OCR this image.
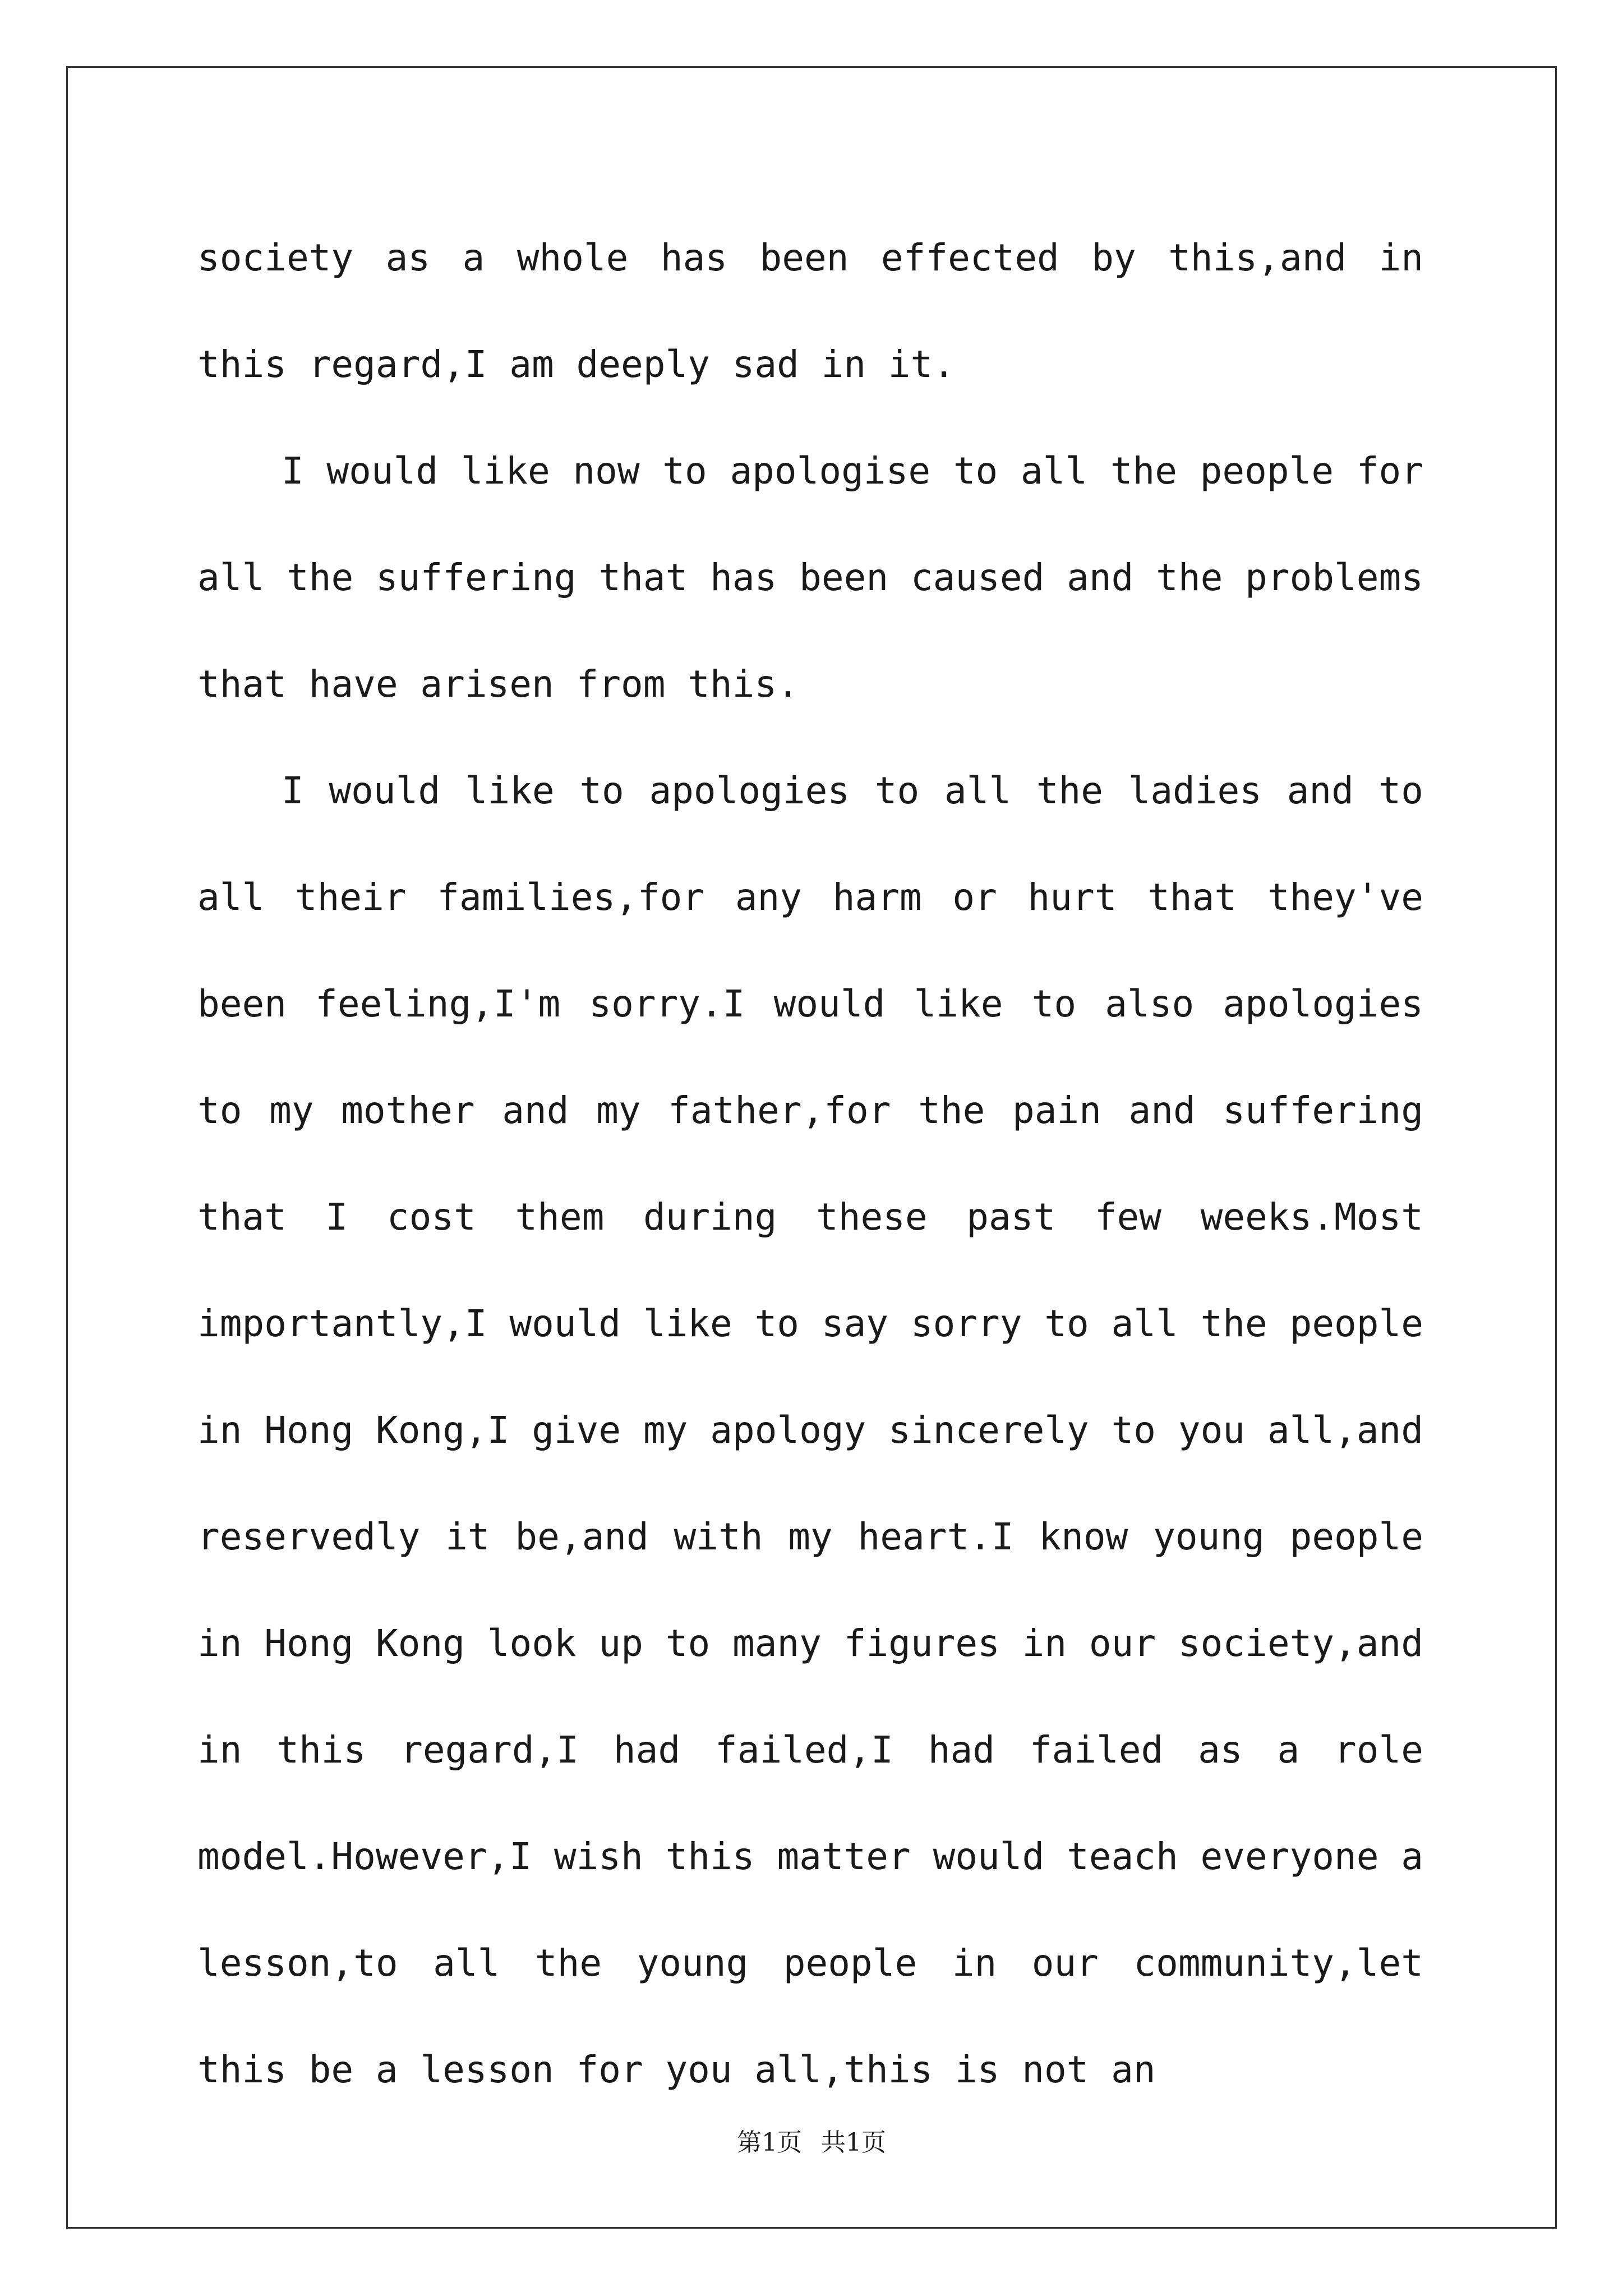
society as a whole has been effected by this,and in this regard,I am deeply sad in it.

I would like now to apologise to all the people for all the suffering that has been caused and the problems that have arisen from this.

I would like to apologies to all the ladies and to all their families,for any harm or hurt that they've been feeling,I'm sorry.I would like to also apologies to my mother and my father,for the pain and suffering that I cost them during these past few weeks.Most importantly,I would like to say sorry to all the people in Hong Kong,I give my apology sincerely to you all,and reservedly it be,and with my heart.I know young people in Hong Kong look up to many figures in our society,and in this regard,I had failed,I had failed as a role model.However,I wish this matter would teach everyone a lesson,to all the young people in our community,let this be a lesson for you all,this is not an

第1页 共1页
